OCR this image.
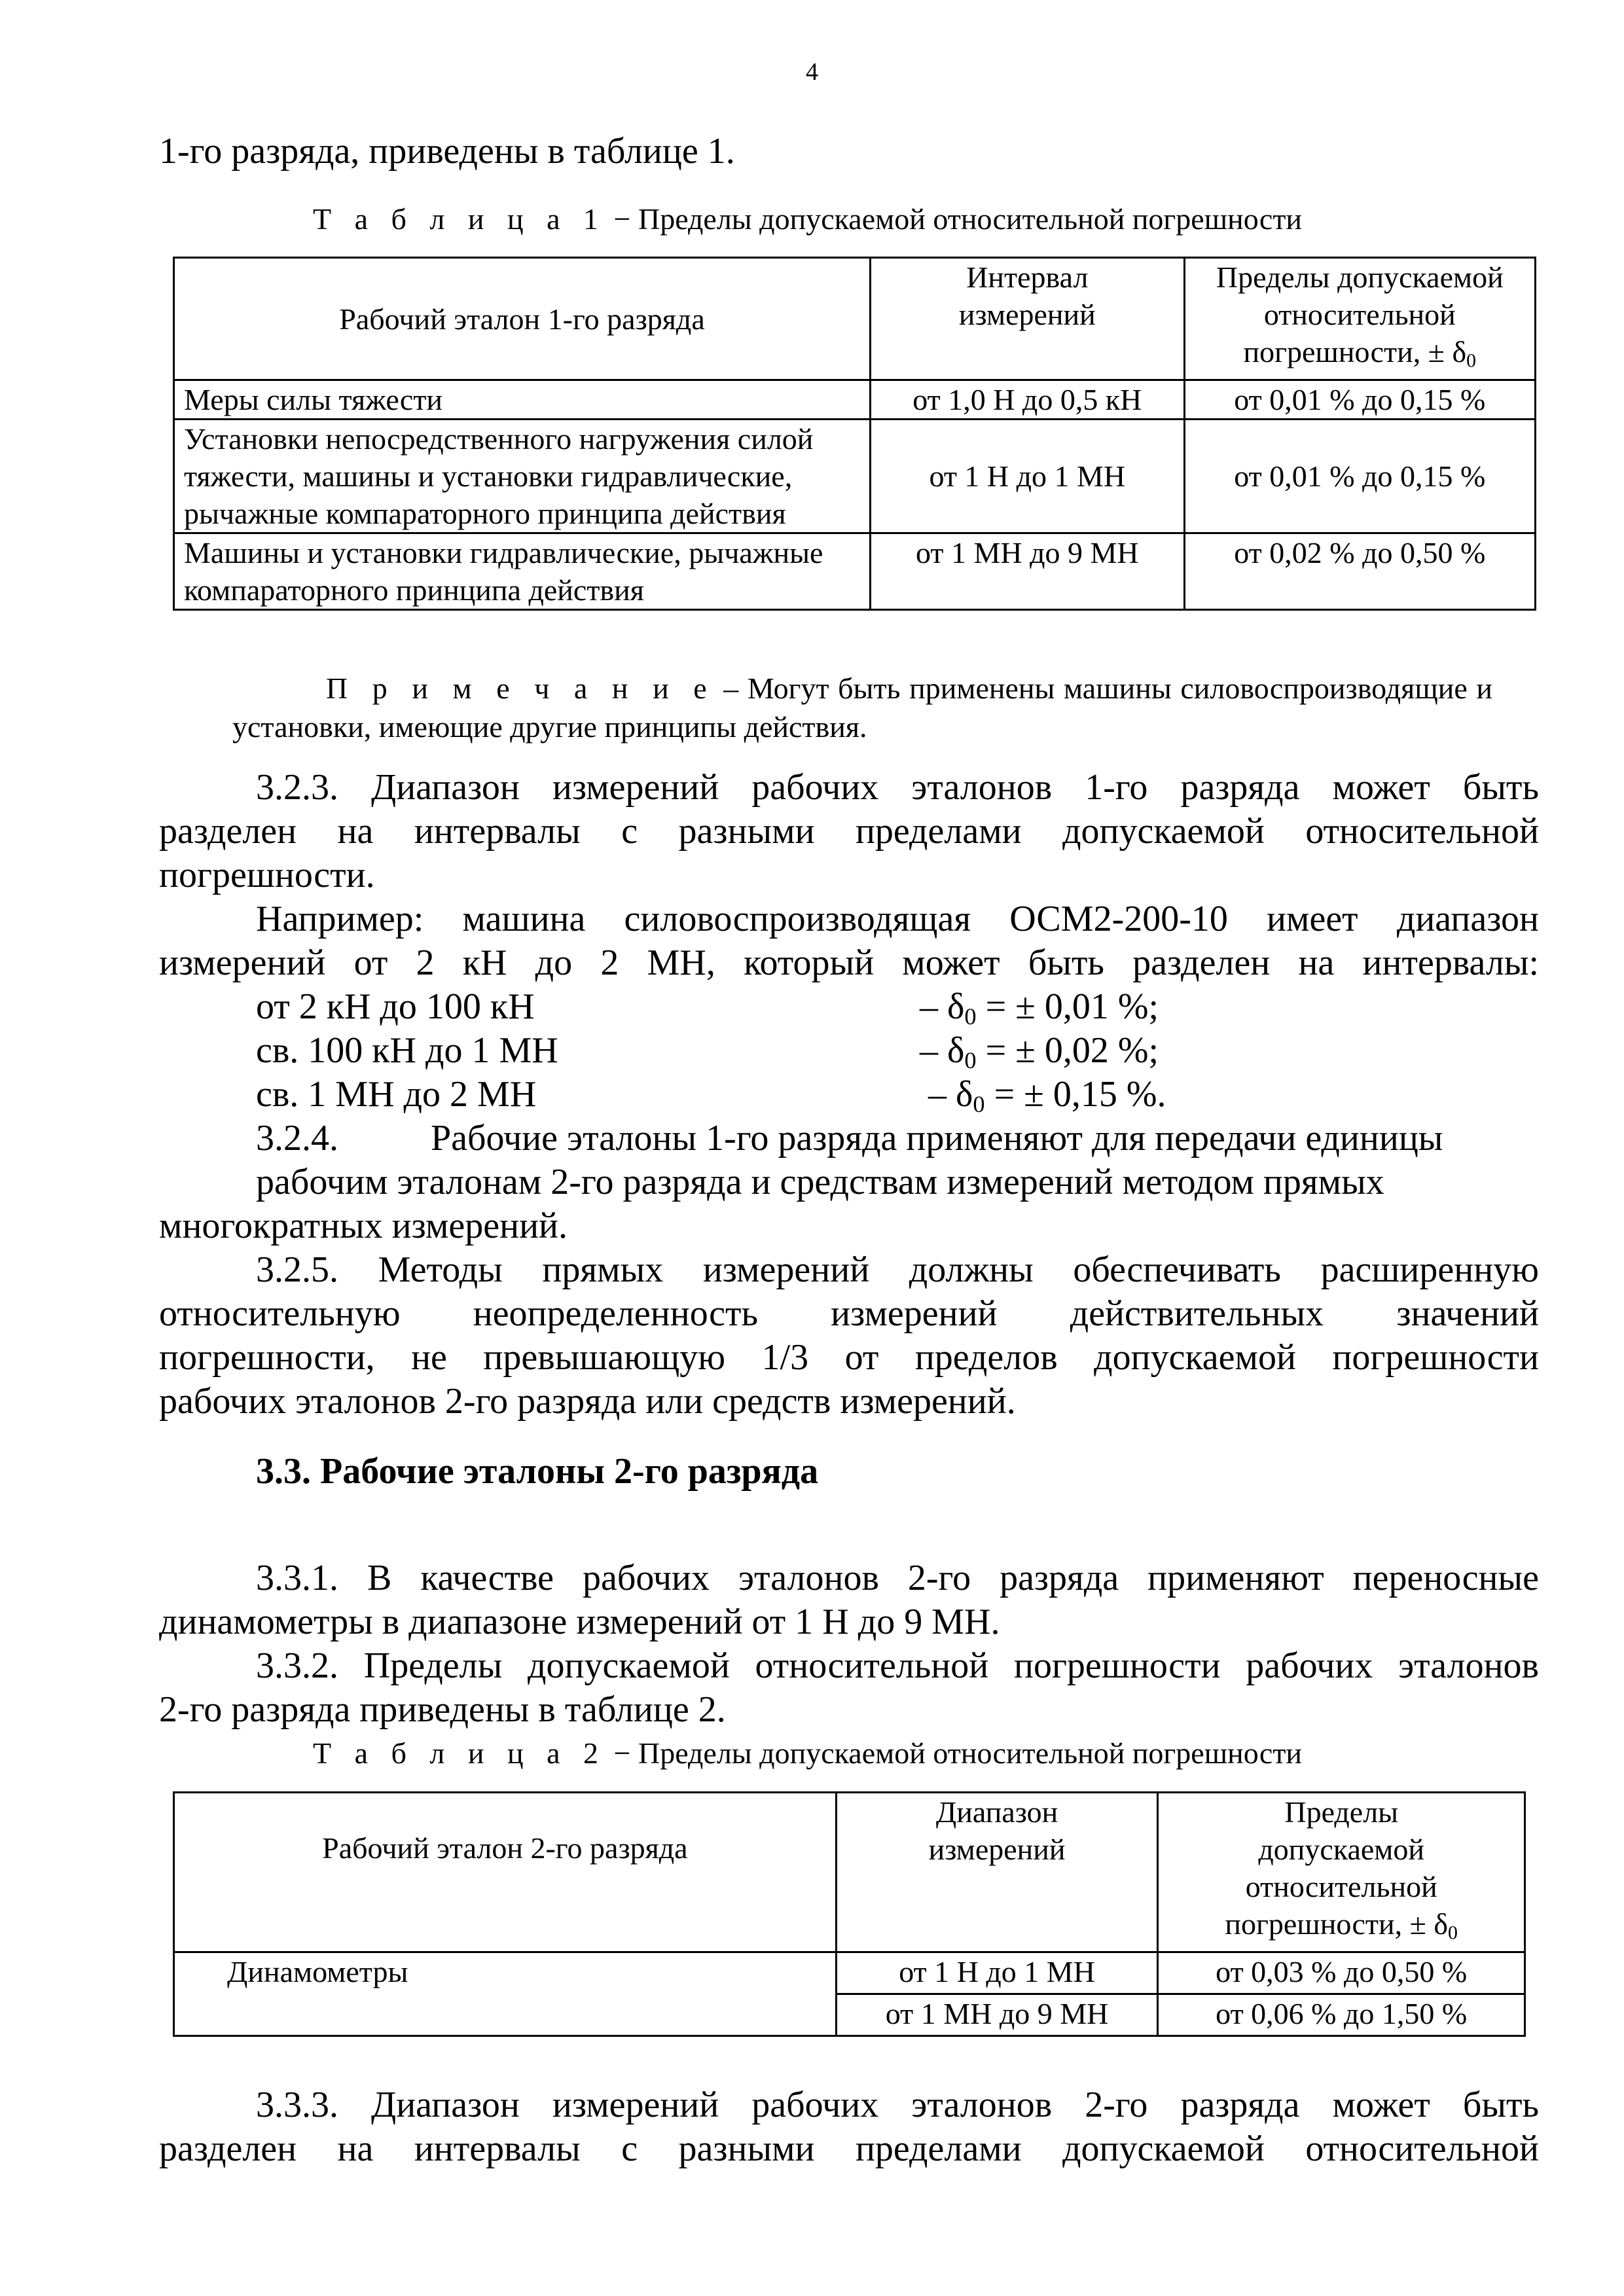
4
1-го разряда, приведены в таблице 1.
Т а б л и ц а 1 − Пределы допускаемой относительной погрешности
Рабочий эталон 1-го разряда	Интервал измерений	Пределы допускаемой относительной погрешности, ± $\delta_0$
Меры силы тяжести	от 1,0 Н до 0,5 кН	от 0,01 % до 0,15 %
Установки непосредственного нагружения силой тяжести, машины и установки гидравлические, рычажные компараторного принципа действия	от 1 Н до 1 МН	от 0,01 % до 0,15 %
Машины и установки гидравлические, рычажные компараторного принципа действия	от 1 МН до 9 МН	от 0,02 % до 0,50 %
П р и м е ч а н и е – Могут быть применены машины силовоспроизводящие и
установки, имеющие другие принципы действия.
3.2.3. Диапазон измерений рабочих эталонов 1-го разряда может быть
разделен на интервалы с разными пределами допускаемой относительной
погрешности.
Например: машина силовоспроизводящая ОСМ2-200-10 имеет диапазон
измерений от 2 кН до 2 МН, который может быть разделен на интервалы:
от 2 кН до 100 кН	– $\delta_0$ = ± 0,01 %;
св. 100 кН до 1 МН	– $\delta_0$ = ± 0,02 %;
св. 1 МН до 2 МН	– $\delta_0$ = ± 0,15 %.
3.2.4.	Рабочие эталоны 1-го разряда применяют для передачи единицы
рабочим эталонам 2-го разряда и средствам измерений методом прямых
многократных измерений.
3.2.5. Методы прямых измерений должны обеспечивать расширенную
относительную неопределенность измерений действительных значений
погрешности, не превышающую 1/3 от пределов допускаемой погрешности
рабочих эталонов 2-го разряда или средств измерений.
3.3. Рабочие эталоны 2-го разряда
3.3.1. В качестве рабочих эталонов 2-го разряда применяют переносные
динамометры в диапазоне измерений от 1 Н до 9 МН.
3.3.2. Пределы допускаемой относительной погрешности рабочих эталонов
2-го разряда приведены в таблице 2.
Т а б л и ц а 2 − Пределы допускаемой относительной погрешности
Рабочий эталон 2-го разряда	Диапазон измерений	Пределы допускаемой относительной погрешности, ± $\delta_0$

Динамометры	от 1 Н до 1 МН	от 0,03 % до 0,50 %
	от 1 МН до 9 МН	от 0,06 % до 1,50 %
3.3.3. Диапазон измерений рабочих эталонов 2-го разряда может быть
разделен на интервалы с разными пределами допускаемой относительной
